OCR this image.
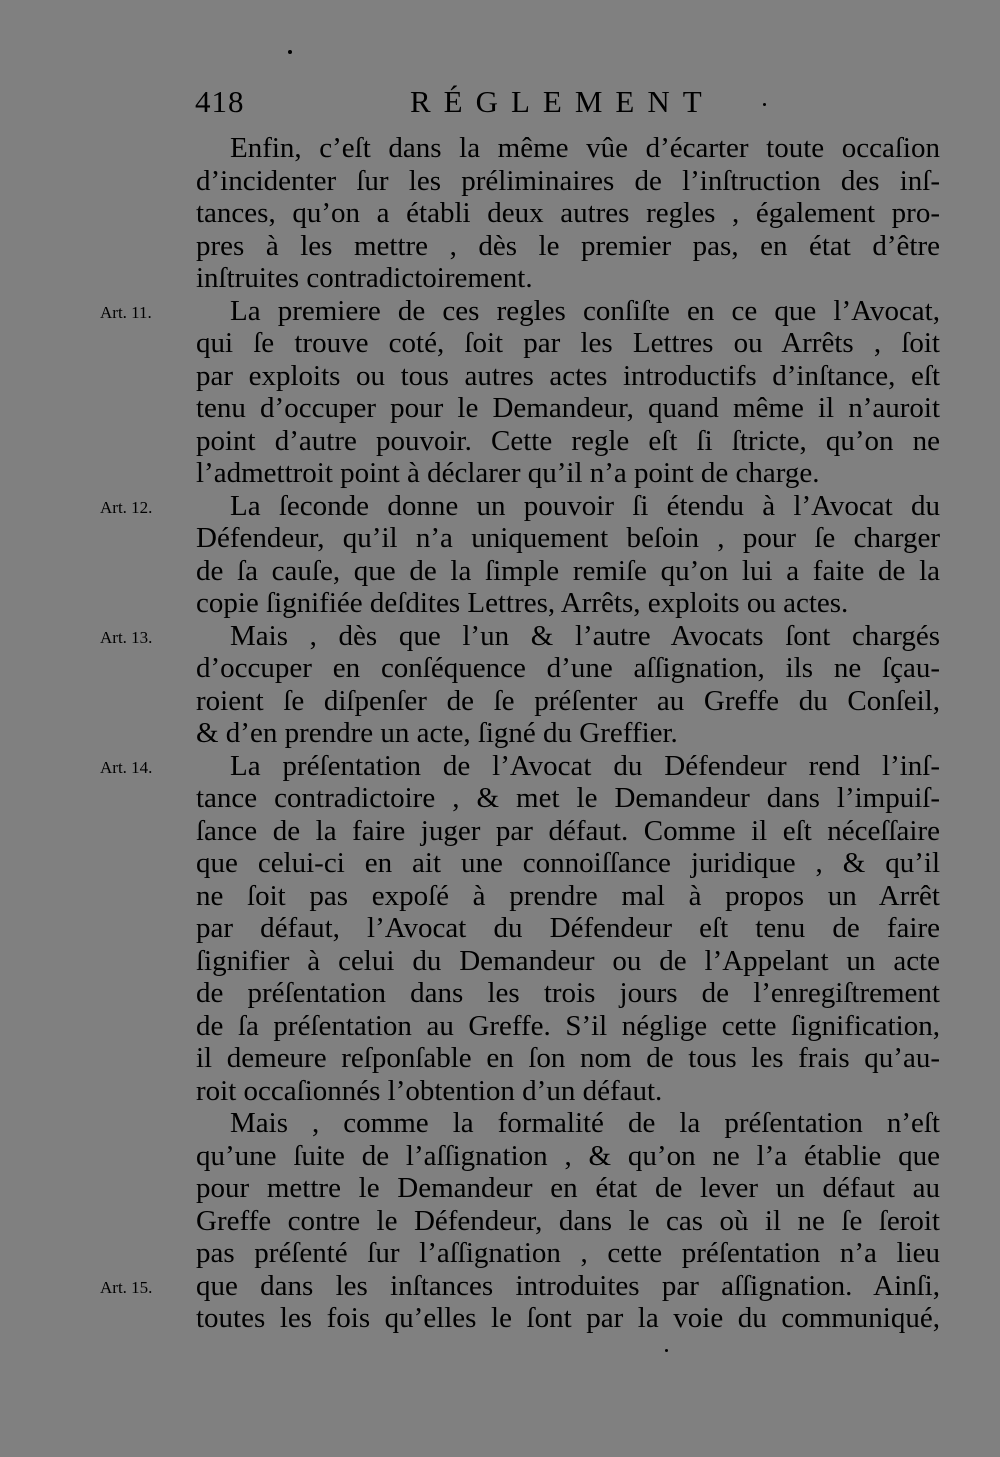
418	RÉGLEMENT
Enfin, c’eſt dans la même vûe d’écarter toute occaſion
d’incidenter ſur les préliminaires de l’inſtruction des inſ-
tances, qu’on a établi deux autres regles , également pro-
pres à les mettre , dès le premier pas, en état d’être
inſtruites contradictoirement.
La premiere de ces regles conſiſte en ce que l’Avocat,
qui ſe trouve coté, ſoit par les Lettres ou Arrêts , ſoit
par exploits ou tous autres actes introductifs d’inſtance, eſt
tenu d’occuper pour le Demandeur, quand même il n’auroit
point d’autre pouvoir. Cette regle eſt ſi ſtricte, qu’on ne
l’admettroit point à déclarer qu’il n’a point de charge.
La ſeconde donne un pouvoir ſi étendu à l’Avocat du
Défendeur, qu’il n’a uniquement beſoin , pour ſe charger
de ſa cauſe, que de la ſimple remiſe qu’on lui a faite de la
copie ſignifiée deſdites Lettres, Arrêts, exploits ou actes.
Mais , dès que l’un & l’autre Avocats ſont chargés
d’occuper en conſéquence d’une aſſignation, ils ne ſçau-
roient ſe diſpenſer de ſe préſenter au Greffe du Conſeil,
& d’en prendre un acte, ſigné du Greffier.
La préſentation de l’Avocat du Défendeur rend l’inſ-
tance contradictoire , & met le Demandeur dans l’impuiſ-
ſance de la faire juger par défaut. Comme il eſt néceſſaire
que celui-ci en ait une connoiſſance juridique , & qu’il
ne ſoit pas expoſé à prendre mal à propos un Arrêt
par défaut, l’Avocat du Défendeur eſt tenu de faire
ſignifier à celui du Demandeur ou de l’Appelant un acte
de préſentation dans les trois jours de l’enregiſtrement
de ſa préſentation au Greffe. S’il néglige cette ſignification,
il demeure reſponſable en ſon nom de tous les frais qu’au-
roit occaſionnés l’obtention d’un défaut.
Mais , comme la formalité de la préſentation n’eſt
qu’une ſuite de l’aſſignation , & qu’on ne l’a établie que
pour mettre le Demandeur en état de lever un défaut au
Greffe contre le Défendeur, dans le cas où il ne ſe ſeroit
pas préſenté ſur l’aſſignation , cette préſentation n’a lieu
que dans les inſtances introduites par aſſignation. Ainſi,
toutes les fois qu’elles le ſont par la voie du communiqué,
Art. 11.
Art. 12.
Art. 13.
Art. 14.
Art. 15.
